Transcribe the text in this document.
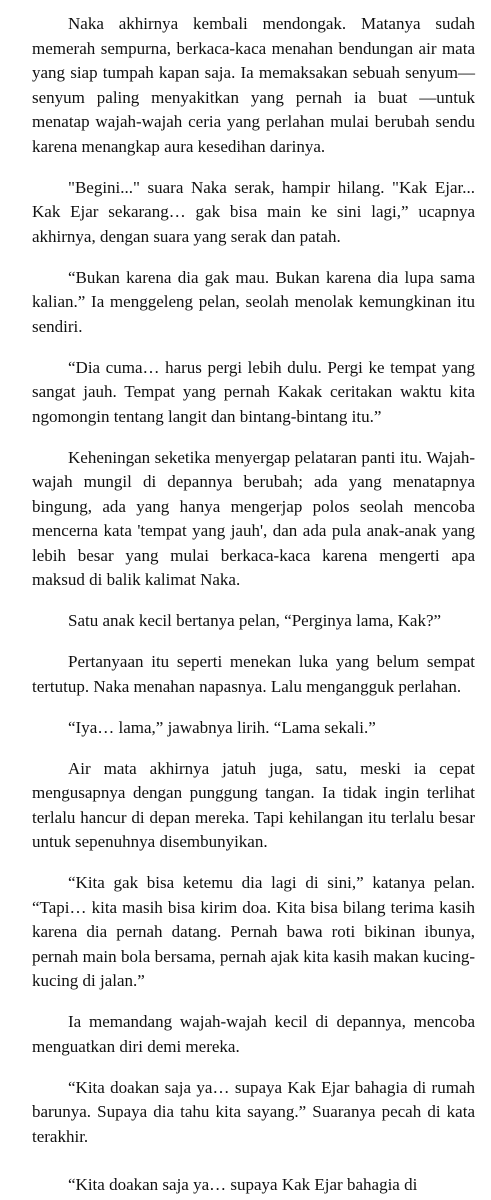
Naka akhirnya kembali mendongak. Matanya sudah memerah sempurna, berkaca-kaca menahan bendungan air mata yang siap tumpah kapan saja. Ia memaksakan sebuah senyum—senyum paling menyakitkan yang pernah ia buat —untuk menatap wajah-wajah ceria yang perlahan mulai berubah sendu karena menangkap aura kesedihan darinya.

"Begini..." suara Naka serak, hampir hilang. "Kak Ejar... Kak Ejar sekarang… gak bisa main ke sini lagi,” ucapnya akhirnya, dengan suara yang serak dan patah.

“Bukan karena dia gak mau. Bukan karena dia lupa sama kalian.” Ia menggeleng pelan, seolah menolak kemungkinan itu sendiri.

“Dia cuma… harus pergi lebih dulu. Pergi ke tempat yang sangat jauh. Tempat yang pernah Kakak ceritakan waktu kita ngomongin tentang langit dan bintang-bintang itu.”

Keheningan seketika menyergap pelataran panti itu. Wajah-wajah mungil di depannya berubah; ada yang menatapnya bingung, ada yang hanya mengerjap polos seolah mencoba mencerna kata 'tempat yang jauh', dan ada pula anak-anak yang lebih besar yang mulai berkaca-kaca karena mengerti apa maksud di balik kalimat Naka.

Satu anak kecil bertanya pelan, “Perginya lama, Kak?”

Pertanyaan itu seperti menekan luka yang belum sempat tertutup. Naka menahan napasnya. Lalu mengangguk perlahan.

“Iya… lama,” jawabnya lirih. “Lama sekali.”

Air mata akhirnya jatuh juga, satu, meski ia cepat mengusapnya dengan punggung tangan. Ia tidak ingin terlihat terlalu hancur di depan mereka. Tapi kehilangan itu terlalu besar untuk sepenuhnya disembunyikan.

“Kita gak bisa ketemu dia lagi di sini,” katanya pelan. “Tapi… kita masih bisa kirim doa. Kita bisa bilang terima kasih karena dia pernah datang. Pernah bawa roti bikinan ibunya, pernah main bola bersama, pernah ajak kita kasih makan kucing-kucing di jalan.”

Ia memandang wajah-wajah kecil di depannya, mencoba menguatkan diri demi mereka.

“Kita doakan saja ya… supaya Kak Ejar bahagia di rumah barunya. Supaya dia tahu kita sayang.” Suaranya pecah di kata terakhir.

“Kita doakan saja ya… supaya Kak Ejar bahagia di
